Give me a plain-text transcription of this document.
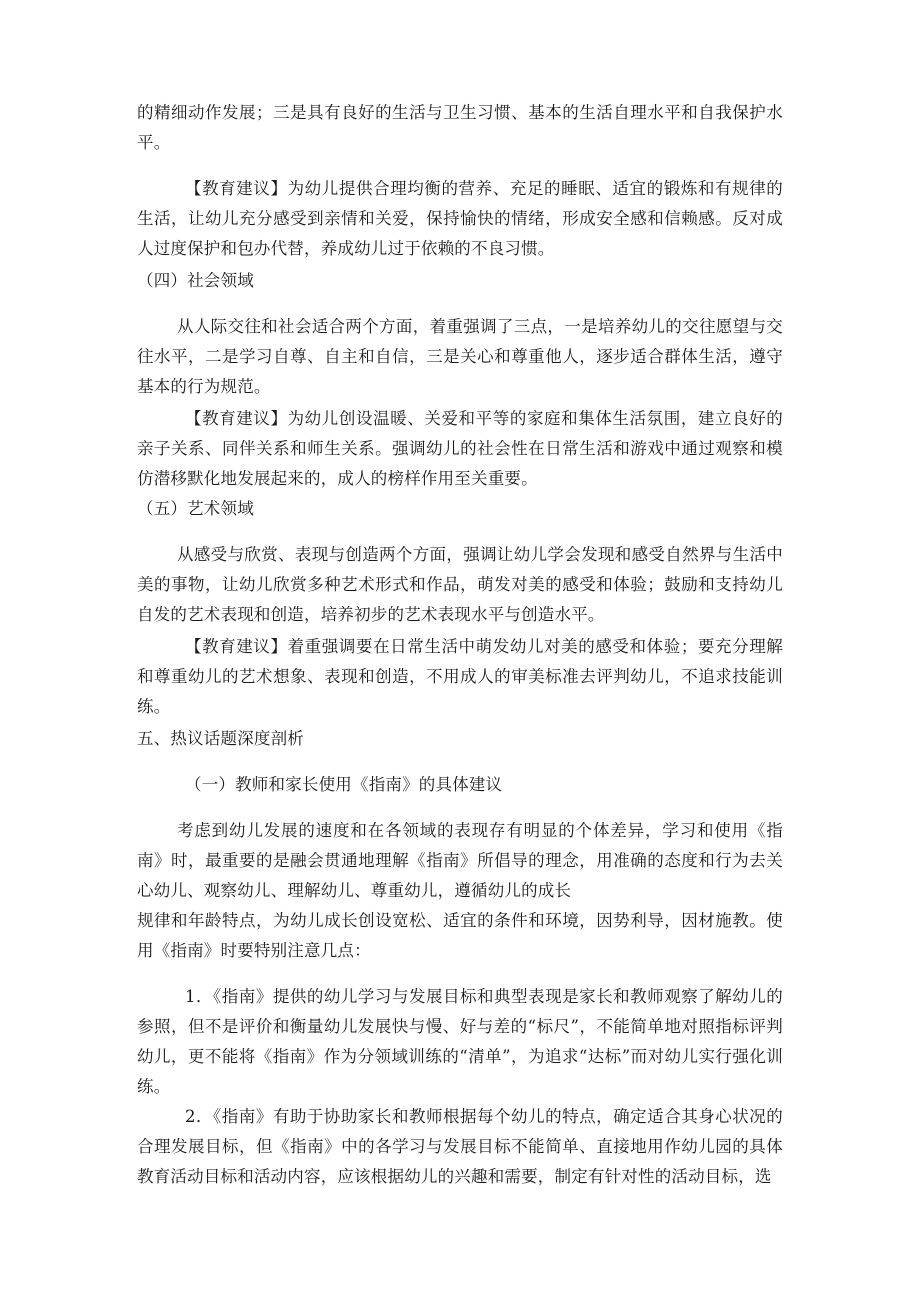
的精细动作发展；三是具有良好的生活与卫生习惯、基本的生活自理水平和自我保护水平。

【教育建议】为幼儿提供合理均衡的营养、充足的睡眠、适宜的锻炼和有规律的生活，让幼儿充分感受到亲情和关爱，保持愉快的情绪，形成安全感和信赖感。反对成人过度保护和包办代替，养成幼儿过于依赖的不良习惯。

（四）社会领域

从人际交往和社会适合两个方面，着重强调了三点，一是培养幼儿的交往愿望与交往水平，二是学习自尊、自主和自信，三是关心和尊重他人，逐步适合群体生活，遵守基本的行为规范。

【教育建议】为幼儿创设温暖、关爱和平等的家庭和集体生活氛围，建立良好的亲子关系、同伴关系和师生关系。强调幼儿的社会性在日常生活和游戏中通过观察和模仿潜移默化地发展起来的，成人的榜样作用至关重要。

（五）艺术领域

从感受与欣赏、表现与创造两个方面，强调让幼儿学会发现和感受自然界与生活中美的事物，让幼儿欣赏多种艺术形式和作品，萌发对美的感受和体验；鼓励和支持幼儿自发的艺术表现和创造，培养初步的艺术表现水平与创造水平。

【教育建议】着重强调要在日常生活中萌发幼儿对美的感受和体验；要充分理解和尊重幼儿的艺术想象、表现和创造，不用成人的审美标准去评判幼儿，不追求技能训练。

五、热议话题深度剖析

（一）教师和家长使用《指南》的具体建议

考虑到幼儿发展的速度和在各领域的表现存有明显的个体差异，学习和使用《指南》时，最重要的是融会贯通地理解《指南》所倡导的理念，用准确的态度和行为去关心幼儿、观察幼儿、理解幼儿、尊重幼儿，遵循幼儿的成长

规律和年龄特点，为幼儿成长创设宽松、适宜的条件和环境，因势利导，因材施教。使用《指南》时要特别注意几点：

1．《指南》提供的幼儿学习与发展目标和典型表现是家长和教师观察了解幼儿的参照，但不是评价和衡量幼儿发展快与慢、好与差的“标尺”，不能简单地对照指标评判幼儿，更不能将《指南》作为分领域训练的“清单”，为追求“达标”而对幼儿实行强化训练。

2．《指南》有助于协助家长和教师根据每个幼儿的特点，确定适合其身心状况的合理发展目标，但《指南》中的各学习与发展目标不能简单、直接地用作幼儿园的具体教育活动目标和活动内容，应该根据幼儿的兴趣和需要，制定有针对性的活动目标，选
